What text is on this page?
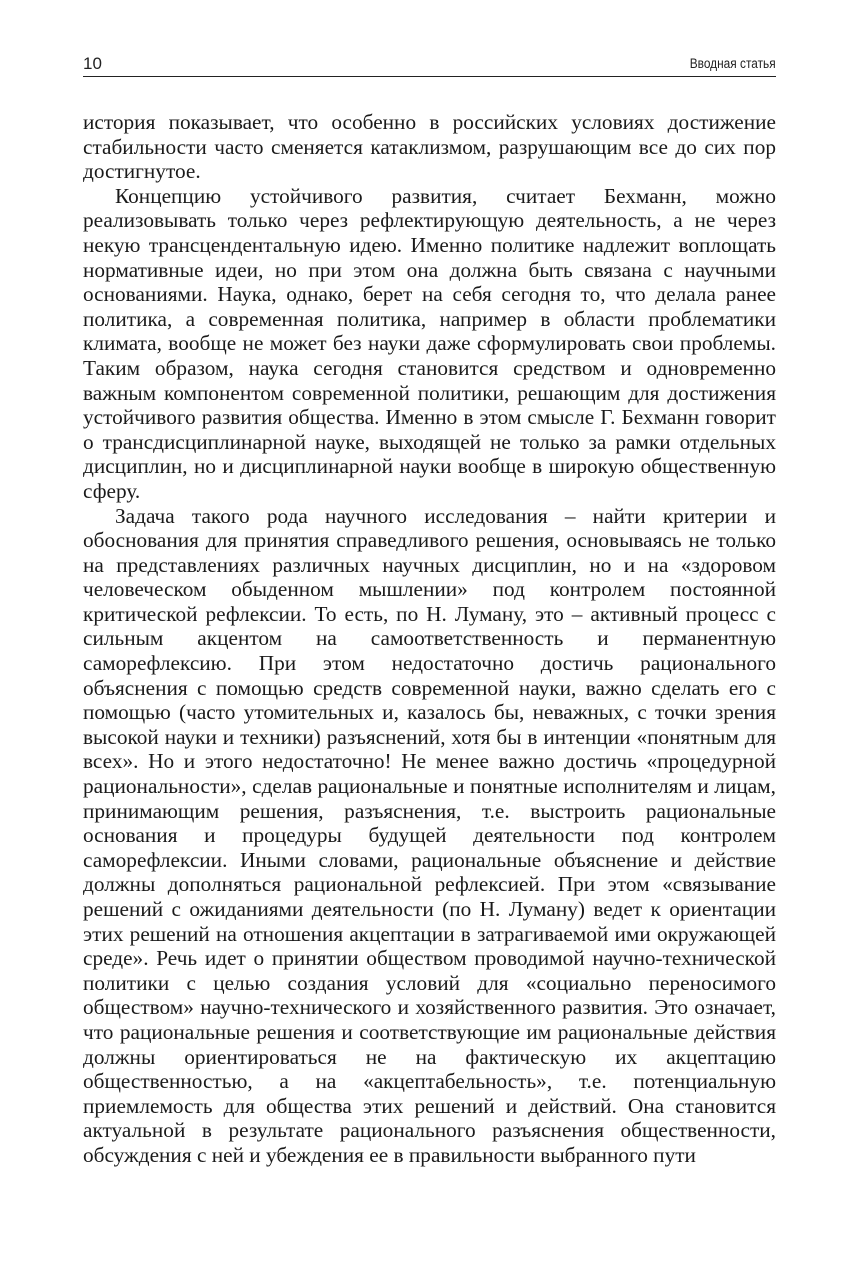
10	Вводная статья

история показывает, что особенно в российских условиях достижение стабильности часто сменяется катаклизмом, разрушающим все до сих пор достигнутое.

Концепцию устойчивого развития, считает Бехманн, можно реализовывать только через рефлектирующую деятельность, а не через некую трансцендентальную идею. Именно политике надлежит воплощать нормативные идеи, но при этом она должна быть связана с научными основаниями. Наука, однако, берет на себя сегодня то, что делала ранее политика, а современная политика, например в области проблематики климата, вообще не может без науки даже сформулировать свои проблемы. Таким образом, наука сегодня становится средством и одновременно важным компонентом современной политики, решающим для достижения устойчивого развития общества. Именно в этом смысле Г. Бехманн говорит о трансдисциплинарной науке, выходящей не только за рамки отдельных дисциплин, но и дисциплинарной науки вообще в широкую общественную сферу.

Задача такого рода научного исследования – найти критерии и обоснования для принятия справедливого решения, основываясь не только на представлениях различных научных дисциплин, но и на «здоровом человеческом обыденном мышлении» под контролем постоянной критической рефлексии. То есть, по Н. Луману, это – активный процесс с сильным акцентом на самоответственность и перманентную саморефлексию. При этом недостаточно достичь рационального объяснения с помощью средств современной науки, важно сделать его с помощью (часто утомительных и, казалось бы, неважных, с точки зрения высокой науки и техники) разъяснений, хотя бы в интенции «понятным для всех». Но и этого недостаточно! Не менее важно достичь «процедурной рациональности», сделав рациональные и понятные исполнителям и лицам, принимающим решения, разъяснения, т.е. выстроить рациональные основания и процедуры будущей деятельности под контролем саморефлексии. Иными словами, рациональные объяснение и действие должны дополняться рациональной рефлексией. При этом «связывание решений с ожиданиями деятельности (по Н. Луману) ведет к ориентации этих решений на отношения акцептации в затрагиваемой ими окружающей среде». Речь идет о принятии обществом проводимой научно-технической политики с целью создания условий для «социально переносимого обществом» научно-технического и хозяйственного развития. Это означает, что рациональные решения и соответствующие им рациональные действия должны ориентироваться не на фактическую их акцептацию общественностью, а на «акцептабельность», т.е. потенциальную приемлемость для общества этих решений и действий. Она становится актуальной в результате рационального разъяснения общественности, обсуждения с ней и убеждения ее в правильности выбранного пути
